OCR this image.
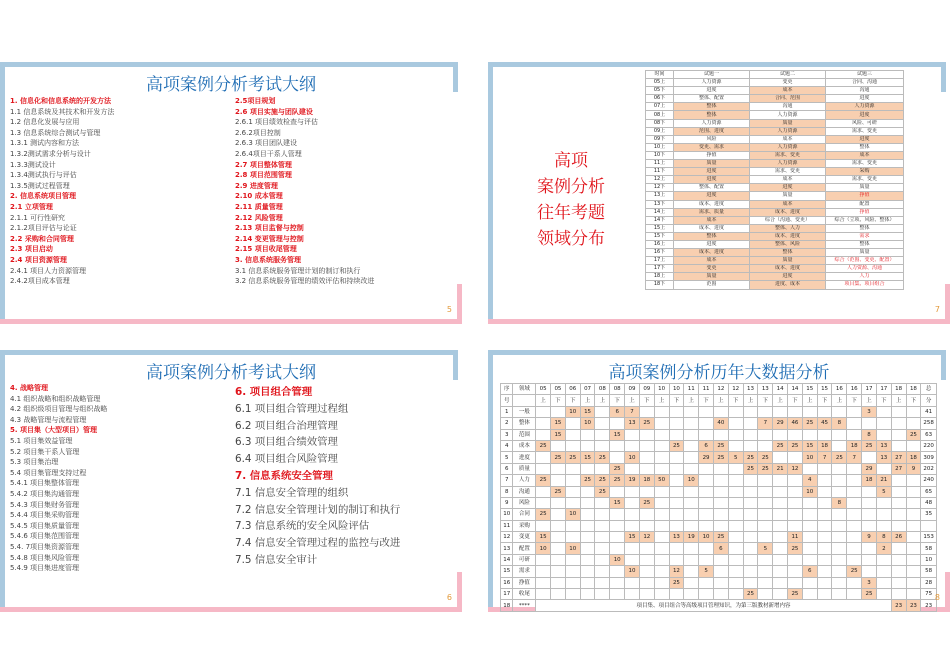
高项案例分析考试大纲
1. 信息化和信息系统的开发方法
1.1 信息系统及其技术和开发方法
1.2 信息化发展与应用
1.3 信息系统综合测试与管理
1.3.1 测试内容和方法
1.3.2测试需求分析与设计
1.3.3测试设计
1.3.4测试执行与评估
1.3.5测试过程管理
2. 信息系统项目管理
2.1 立项管理
2.1.1 可行性研究
2.1.2项目评估与论证
2.2 采购和合同管理
2.3 项目启动
2.4 项目资源管理
2.4.1 项目人力资源管理
2.4.2项目成本管理
2.5项目规划
2.6 项目实施与团队建设
2.6.1 项目绩效检查与评估
2.6.2项目控制
2.6.3 项目团队建设
2.6.4项目干系人管理
2.7 项目整体管理
2.8 项目范围管理
2.9 进度管理
2.10 成本管理
2.11 质量管理
2.12 风险管理
2.13 项目监督与控制
2.14 变更管理与控制
2.15 项目收尾管理
3. 信息系统服务管理
3.1 信息系统服务管理计划的制订和执行
3.2 信息系统服务管理的绩效评估和持续改进
5
高项
案例分析
往年考题
领域分布
时间	试题一	试题二	试题三
05上	人力资源	变更	合同、沟通
05下	进度	成本	沟通
06下	整体、配置	合同、范围	进度
07上	整体	沟通	人力资源
08上	整体	人力资源	进度
08下	人力资源	质量	风险、可研
09上	范围、进度	人力资源	需求、变更
09下	风险	成本	进度
10上	变更、需求	人力资源	整体
10下	挣值	需求、变更	成本
11上	质量	人力资源	需求、变更
11下	进度	需求、变更	采购
12上	进度	成本	需求、变更
12下	整体、配置	进度	质量
13上	进度	质量	挣值
13下	成本、进度	成本	配置
14上	需求、质量	成本、进度	挣值
14下	成本	综合（沟通、变更）	综合（立项、风险、整体）
15上	成本、进度	整体、人力	整体
15下	整体	成本、进度	需求
16上	进度	整体、风险	整体
16下	成本、进度	整体	质量
17上	成本	质量	综合（范围、变更、配置）
17下	变更	成本、进度	人力资源、沟通
18上	质量	进度	人力
18下	范围	进度、成本	项目集、项目组合
7
高项案例分析考试大纲
4. 战略管理
4.1 组织战略和组织战略管理
4.2 组织级项目管理与组织战略
4.3 战略管理与流程管理
5. 项目集（大型项目）管理
5.1 项目集效益管理
5.2 项目集干系人管理
5.3 项目集治理
5.4 项目集管理支持过程
5.4.1 项目集整体管理
5.4.2 项目集沟通管理
5.4.3 项目集财务管理
5.4.4 项目集采购管理
5.4.5 项目集质量管理
5.4.6 项目集范围管理
5.4. 7项目集资源管理
5.4.8 项目集风险管理
5.4.9 项目集进度管理
6. 项目组合管理
6.1 项目组合管理过程组
6.2 项目组合治理管理
6.3 项目组合绩效管理
6.4 项目组合风险管理
7. 信息系统安全管理
7.1 信息安全管理的组织
7.2 信息安全管理计划的制订和执行
7.3 信息系统的安全风险评估
7.4 信息安全管理过程的监控与改进
7.5 信息安全审计
6
高项案例分析历年大数据分析
序	领域	05	05	06	07	08	08	09	09	10	10	11	11	12	12	13	13	14	14	15	15	16	16	17	17	18	18	总
号		上	下	下	上	上	下	上	下	上	下	上	下	上	下	上	下	上	下	上	下	上	下	上	下	上	下	分
1	一般			10	15		6	7																3				41
2	整体		15		10			13	25					40			7	29	46	25	45	8						258
3	范围		15				15																	8			25	63
4	成本	25									25		6	25				25	25	15	18		18	25	13			220
5	进度		25	25	15	25		10					29	25	5	25	25			10	7	25	7		13	27	18	309
6	质量						25									25	25	21	12					29		27	9	202
7	人力	25			25	25	25	19	18	50		10								4				18	21			240
8	沟通		25			25														10					5			65
9	风险						15		25													8						48
10	合同	25		10																								35
11	采购																											
12	变更	15						15	12		13	19	10	25					11					9	8	26		153
13	配置	10		10										6			5		25						2			58
14	可研						10																					10
15	需求							10			12		5							6			25					58
16	挣值										25													3				28
17	收尾															25			25					25				75
18	****	项目集、项目组合等高级项目管理知识，为第三版教材新增内容																								23	23	23
8
